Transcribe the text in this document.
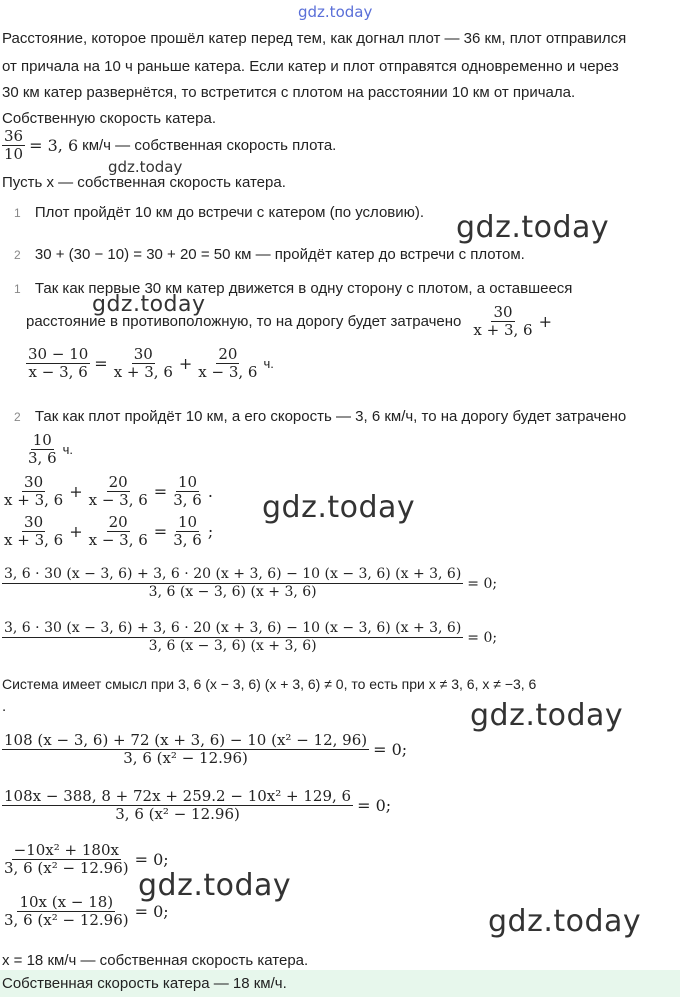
gdz.today
Расстояние, которое прошёл катер перед тем, как догнал плот — 36 км, плот отправился
от причала на 10 ч раньше катера. Если катер и плот отправятся одновременно и через
30 км катер развернётся, то встретится с плотом на расстоянии 10 км от причала.
Собственную скорость катера.
$\frac{36}{10} = 3$, 6 км/ч — собственная скорость плота.
gdz.today
Пусть x — собственная скорость катера.
1 Плот пройдёт 10 км до встречи с катером (по условию). gdz.today
2 30 + (30 − 10) = 30 + 20 = 50 км — пройдёт катер до встречи с плотом.
1 Так как первые 30 км катер движется в одну сторону с плотом, а оставшееся
gdz.today
расстояние в противоположную, то на дорогу будет затрачено $\frac{30}{x + 3, 6}$ +
$\frac{30 - 10}{x - 3, 6} = \frac{30}{x + 3, 6} + \frac{20}{x - 3, 6} ч$.
2 Так как плот пройдёт 10 км, а его скорость — 3, 6 км/ч, то на дорогу будет затрачено
$\frac{10}{3, 6} ч$.
$\frac{30}{x + 3, 6} + \frac{20}{x - 3, 6} = \frac{10}{3, 6}$ . gdz.today
$\frac{30}{x + 3, 6} + \frac{20}{x - 3, 6} = \frac{10}{3, 6}$ ;
3, 6 · 30 (x − 3, 6) + 3, 6 · 20 (x + 3, 6) − 10 (x − 3, 6) (x + 3, 6)
3, 6 (x − 3, 6) (x + 3, 6)
= 0;
3, 6 · 30 (x − 3, 6) + 3, 6 · 20 (x + 3, 6) − 10 (x − 3, 6) (x + 3, 6)
3, 6 (x − 3, 6) (x + 3, 6)
= 0;
Система имеет смысл при 3, 6 (x − 3, 6) (x + 3, 6) ≠ 0, то есть при x ≠ 3, 6, x ≠ −3, 6
.	gdz.today
$\frac{\text{108 (x − 3, 6) + 72 (x + 3, 6) − 10 (x² − 12, 96)}}{\text{3, 6 (x² − 12.96)}} = 0$;
$\frac{\text{108x − 388, 8 + 72x + 259.2 − 10x² + 129, 6}}{\text{3, 6 (x² − 12.96)}} = 0$;
$\frac{\text{−10x² + 180x}}{\text{3, 6 (x² − 12.96)}} = 0$;
gdz.today
$\frac{10x (x - 18)}{\text{3, 6 (x² − 12.96)}} = 0$;	gdz.today
x = 18 км/ч — собственная скорость катера.
Собственная скорость катера — 18 км/ч.
